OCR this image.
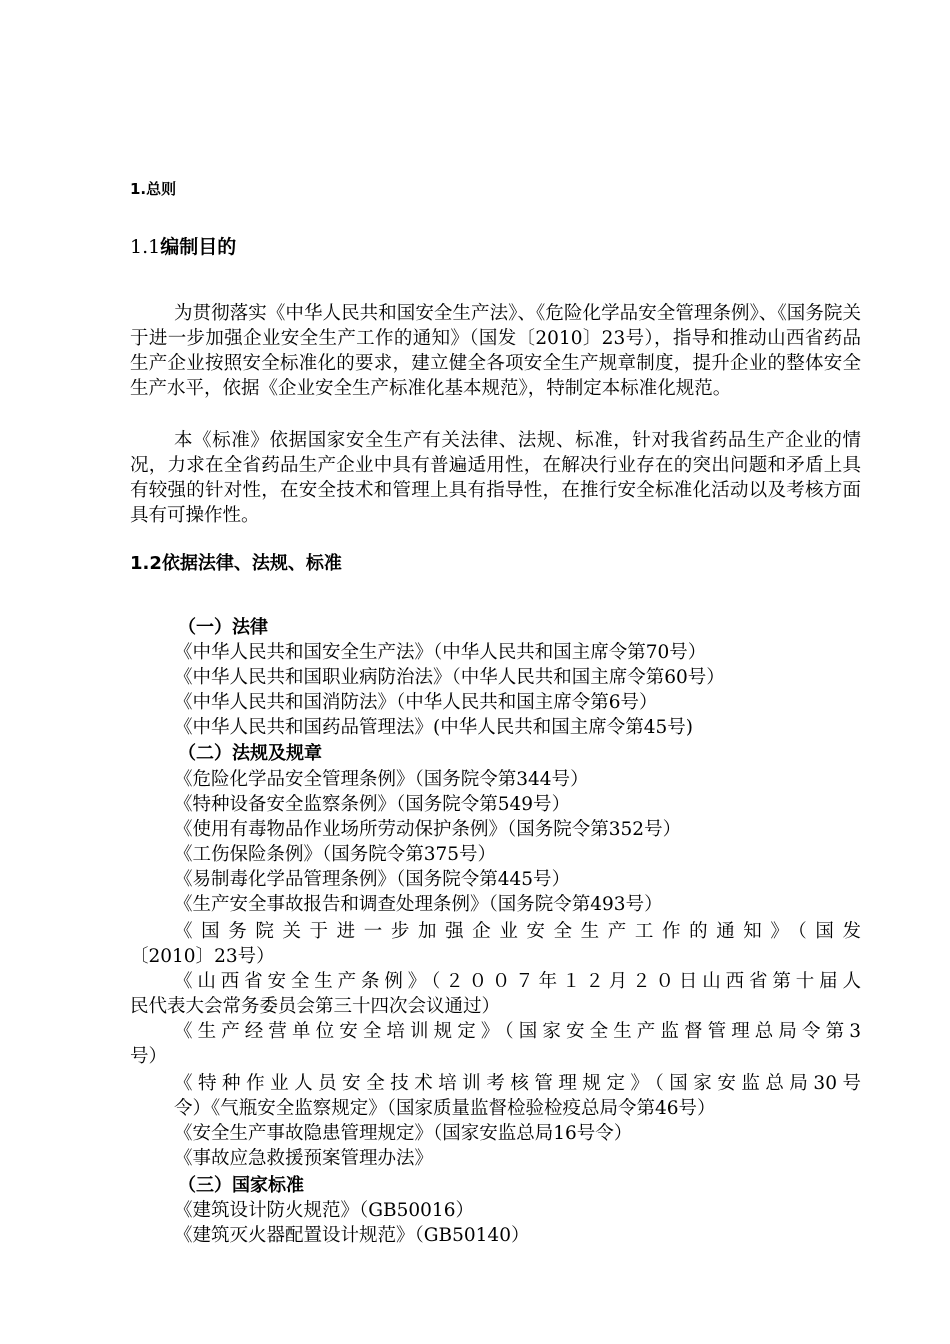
1.总则
1.1编制目的

为贯彻落实《中华人民共和国安全生产法》、《危险化学品安全管理条例》、《国务院关于进一步加强企业安全生产工作的通知》（国发〔2010〕23号），指导和推动山西省药品生产企业按照安全标准化的要求，建立健全各项安全生产规章制度，提升企业的整体安全生产水平，依据《企业安全生产标准化基本规范》，特制定本标准化规范。

本《标准》依据国家安全生产有关法律、法规、标准，针对我省药品生产企业的情况，力求在全省药品生产企业中具有普遍适用性，在解决行业存在的突出问题和矛盾上具有较强的针对性，在安全技术和管理上具有指导性，在推行安全标准化活动以及考核方面具有可操作性。

1.2依据法律、法规、标准
（一）法律
《中华人民共和国安全生产法》（中华人民共和国主席令第70号）
《中华人民共和国职业病防治法》（中华人民共和国主席令第60号）
《中华人民共和国消防法》（中华人民共和国主席令第6号）
《中华人民共和国药品管理法》(中华人民共和国主席令第45号)
（二）法规及规章
《危险化学品安全管理条例》（国务院令第344号）
《特种设备安全监察条例》（国务院令第549号）
《使用有毒物品作业场所劳动保护条例》（国务院令第352号）
《工伤保险条例》（国务院令第375号）
《易制毒化学品管理条例》（国务院令第445号）
《生产安全事故报告和调查处理条例》（国务院令第493号）
《国务院关于进一步加强企业安全生产工作的通知》（国发
〔2010〕23号）
《山西省安全生产条例》（２００７年１２月２０日山西省第十届人
民代表大会常务委员会第三十四次会议通过）
《生产经营单位安全培训规定》（国家安全生产监督管理总局令第3
号）
《特种作业人员安全技术培训考核管理规定》（国家安监总局30号
令）《气瓶安全监察规定》（国家质量监督检验检疫总局令第46号）
《安全生产事故隐患管理规定》（国家安监总局16号令）
《事故应急救援预案管理办法》
（三）国家标准
《建筑设计防火规范》（GB50016）
《建筑灭火器配置设计规范》（GB50140）
